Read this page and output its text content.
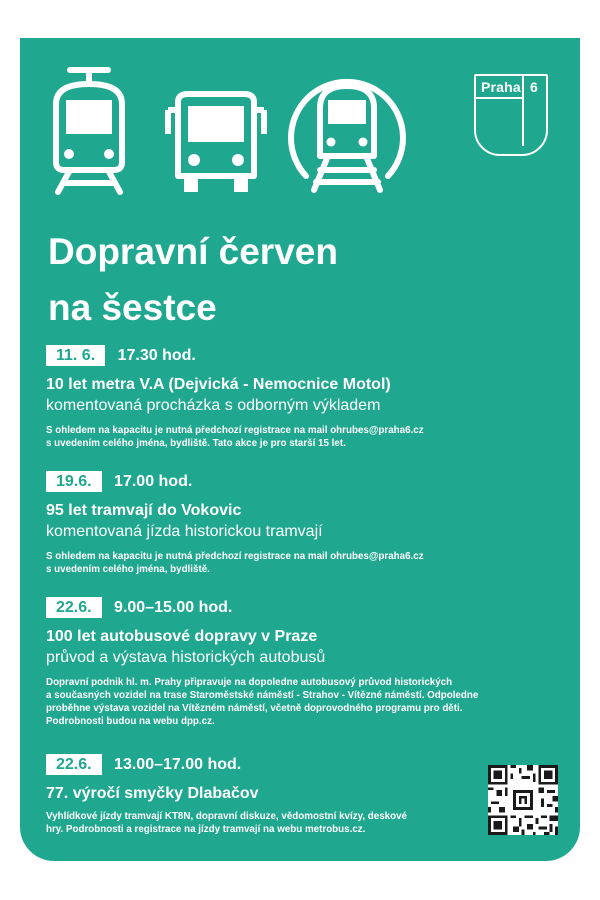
Praha 6
Dopravní červen
na šestce
11. 6. 17.30 hod.
10 let metra V.A (Dejvická - Nemocnice Motol)
komentovaná procházka s odborným výkladem
S ohledem na kapacitu je nutná předchozí registrace na mail ohrubes@praha6.cz
s uvedením celého jména, bydliště. Tato akce je pro starší 15 let.
19.6. 17.00 hod.
95 let tramvají do Vokovic
komentovaná jízda historickou tramvají
S ohledem na kapacitu je nutná předchozí registrace na mail ohrubes@praha6.cz
s uvedením celého jména, bydliště.
22.6. 9.00–15.00 hod.
100 let autobusové dopravy v Praze
průvod a výstava historických autobusů
Dopravní podnik hl. m. Prahy připravuje na dopoledne autobusový průvod historických
a současných vozidel na trase Staroměstské náměstí - Strahov - Vítězné náměstí. Odpoledne
proběhne výstava vozidel na Vítězném náměstí, včetně doprovodného programu pro děti.
Podrobnosti budou na webu dpp.cz.
22.6. 13.00–17.00 hod.
77. výročí smyčky Dlabačov
Vyhlídkové jízdy tramvají KT8N, dopravní diskuze, vědomostní kvízy, deskové
hry. Podrobnosti a registrace na jízdy tramvají na webu metrobus.cz.
